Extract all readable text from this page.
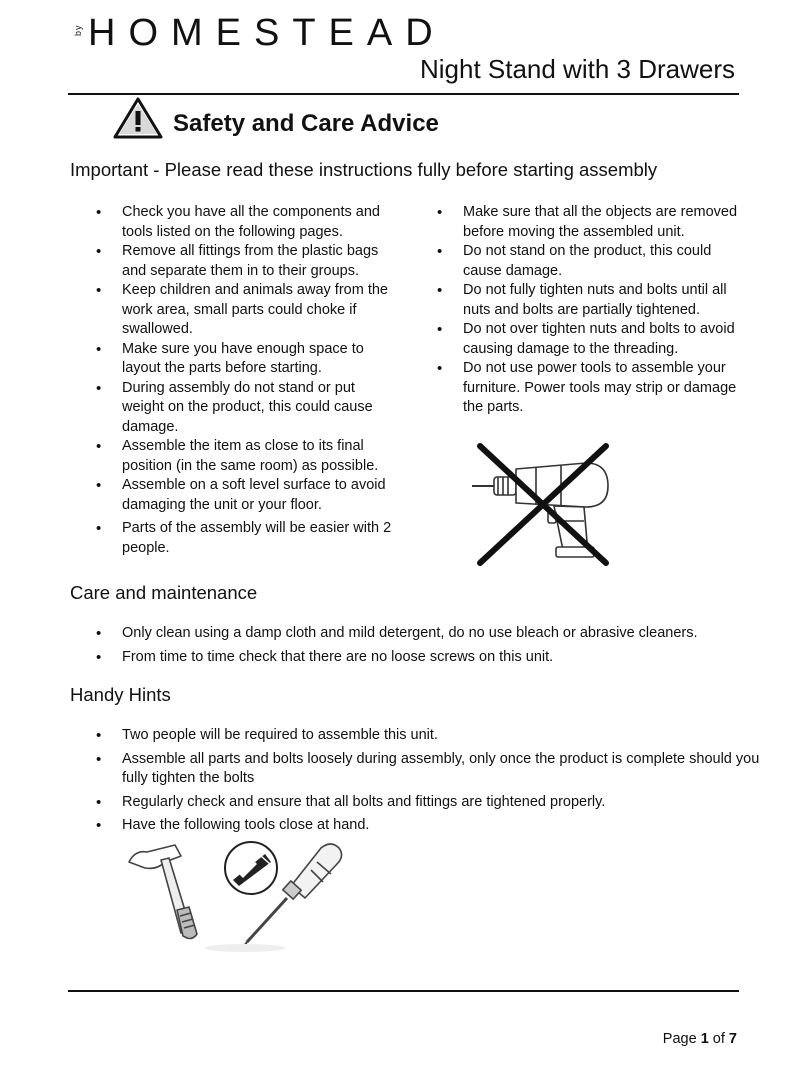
by HOMESTEAD
Night Stand with 3 Drawers
Safety and Care Advice
Important - Please read these instructions fully before starting assembly
• Check you have all the components and tools listed on the following pages.
• Remove all fittings from the plastic bags and separate them in to their groups.
• Keep children and animals away from the work area, small parts could choke if swallowed.
• Make sure you have enough space to layout the parts before starting.
• During assembly do not stand or put weight on the product, this could cause damage.
• Assemble the item as close to its final position (in the same room) as possible.
• Assemble on a soft level surface to avoid damaging the unit or your floor.
• Parts of the assembly will be easier with 2 people.
• Make sure that all the objects are removed before moving the assembled unit.
• Do not stand on the product, this could cause damage.
• Do not fully tighten nuts and bolts until all nuts and bolts are partially tightened.
• Do not over tighten nuts and bolts to avoid causing damage to the threading.
• Do not use power tools to assemble your furniture. Power tools may strip or damage the parts.
Care and maintenance
• Only clean using a damp cloth and mild detergent, do no use bleach or abrasive cleaners.
• From time to time check that there are no loose screws on this unit.
Handy Hints
• Two people will be required to assemble this unit.
• Assemble all parts and bolts loosely during assembly, only once the product is complete should you fully tighten the bolts
• Regularly check and ensure that all bolts and fittings are tightened properly.
• Have the following tools close at hand.
Page 1 of 7
